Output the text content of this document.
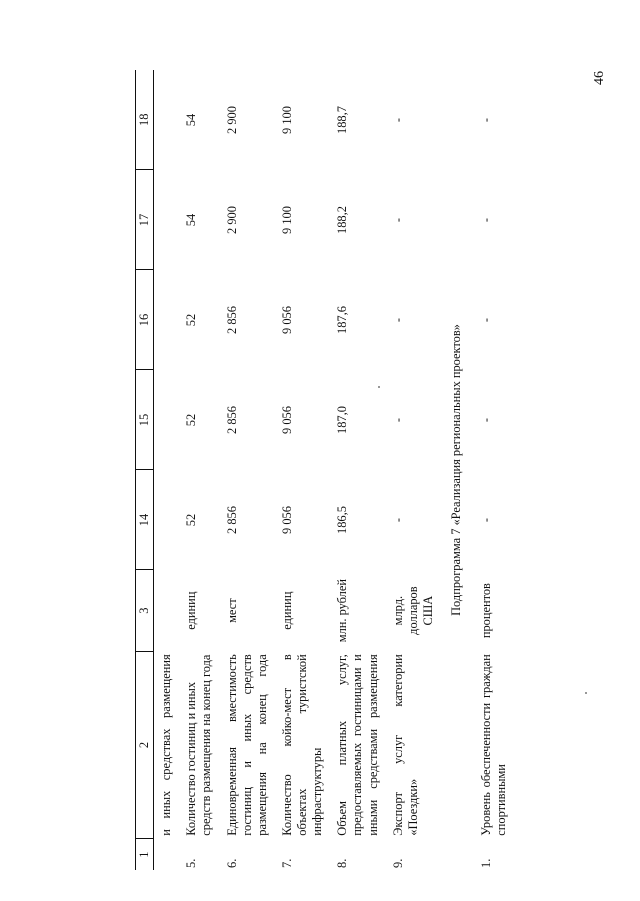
46
1	2	3	14	15	16	17	18
	и иных средствах размещения						
5.	Количество гостиниц и иных средств размещения на конец года	единиц	52	52	52	54	54
6.	Единовременная вместимость гостиниц и иных средств размещения на конец года	мест	2 856	2 856	2 856	2 900	2 900
7.	Количество койко-мест в объектах туристской инфраструктуры	единиц	9 056	9 056	9 056	9 100	9 100
8.	Объем платных услуг, предоставляемых гостиницами и иными средствами размещения	млн. рублей	186,5	187,0	187,6	188,2	188,7
9.	Экспорт услуг категории «Поездки»	млрд. долларов США	-	-	-	-	-
Подпрограмма 7 «Реализация региональных проектов»							
1.	Уровень обеспеченности граждан спортивными	процентов	-	-	-	-	-
